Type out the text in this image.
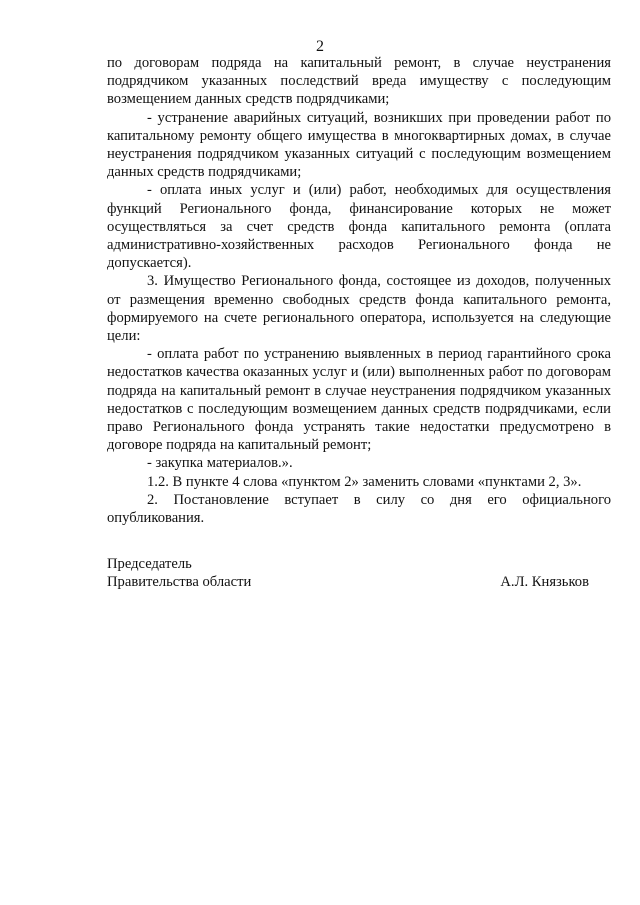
2

по договорам подряда на капитальный ремонт, в случае неустранения подрядчиком указанных последствий вреда имуществу с последующим возмещением данных средств подрядчиками;

- устранение аварийных ситуаций, возникших при проведении работ по капитальному ремонту общего имущества в многоквартирных домах, в случае неустранения подрядчиком указанных ситуаций с последующим возмещением данных средств подрядчиками;

- оплата иных услуг и (или) работ, необходимых для осуществления функций Регионального фонда, финансирование которых не может осуществляться за счет средств фонда капитального ремонта (оплата административно-хозяйственных расходов Регионального фонда не допускается).

3. Имущество Регионального фонда, состоящее из доходов, полученных от размещения временно свободных средств фонда капитального ремонта, формируемого на счете регионального оператора, используется на следующие цели:

- оплата работ по устранению выявленных в период гарантийного срока недостатков качества оказанных услуг и (или) выполненных работ по договорам подряда на капитальный ремонт в случае неустранения подрядчиком указанных недостатков с последующим возмещением данных средств подрядчиками, если право Регионального фонда устранять такие недостатки предусмотрено в договоре подряда на капитальный ремонт;

- закупка материалов.».

1.2. В пункте 4 слова «пунктом 2» заменить словами «пунктами 2, 3».

2. Постановление вступает в силу со дня его официального опубликования.

Председатель
Правительства области	А.Л. Князьков
